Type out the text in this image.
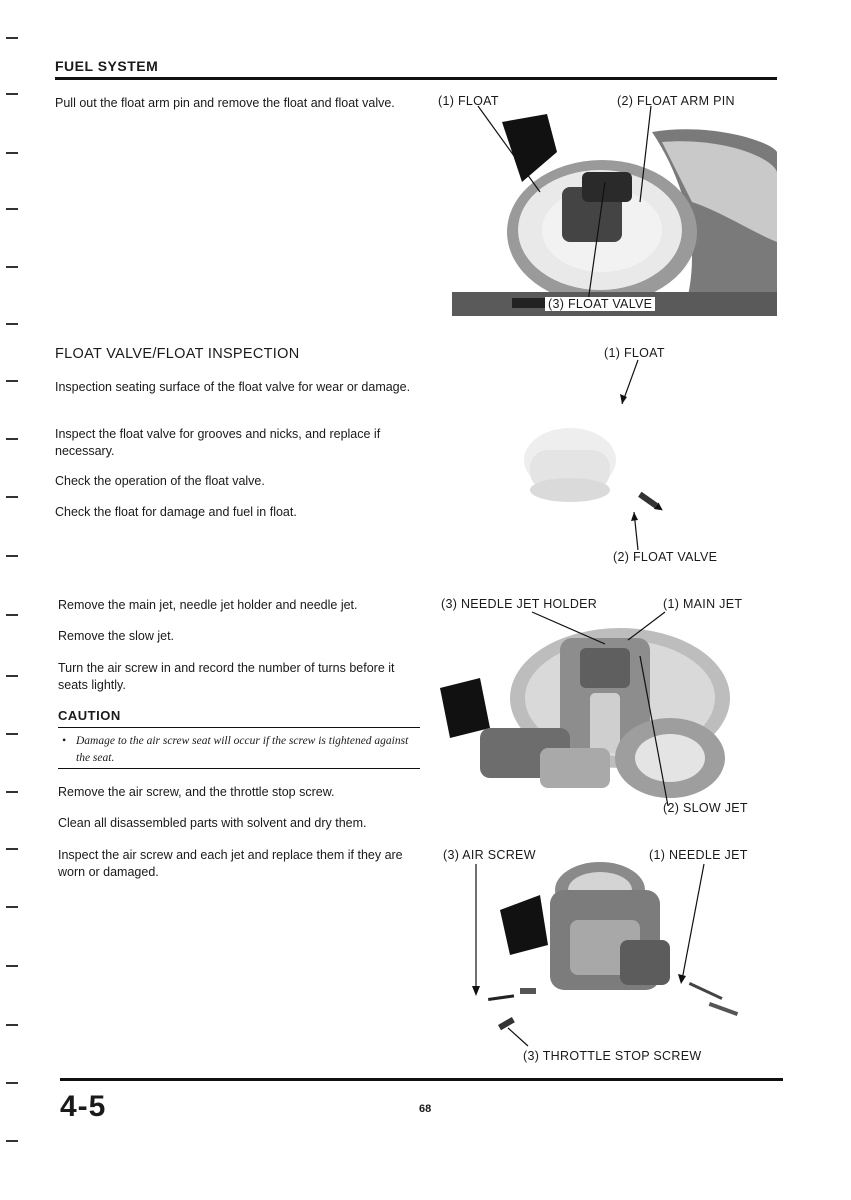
FUEL SYSTEM
Pull out the float arm pin and remove the float and float valve.	(1) FLOAT	(2) FLOAT ARM PIN
(3) FLOAT VALVE
FLOAT VALVE/FLOAT INSPECTION
Inspection seating surface of the float valve for wear or damage.
Inspect the float valve for grooves and nicks, and replace if necessary.
Check the operation of the float valve.
Check the float for damage and fuel in float.
(1) FLOAT
(2) FLOAT VALVE
Remove the main jet, needle jet holder and needle jet.
Remove the slow jet.
Turn the air screw in and record the number of turns before it seats lightly.
CAUTION
• Damage to the air screw seat will occur if the screw is tightened against the seat.
Remove the air screw, and the throttle stop screw.
Clean all disassembled parts with solvent and dry them.
Inspect the air screw and each jet and replace them if they are worn or damaged.
(3) NEEDLE JET HOLDER	(1) MAIN JET
(2) SLOW JET
(3) AIR SCREW	(1) NEEDLE JET
(3) THROTTLE STOP SCREW
4-5	68
